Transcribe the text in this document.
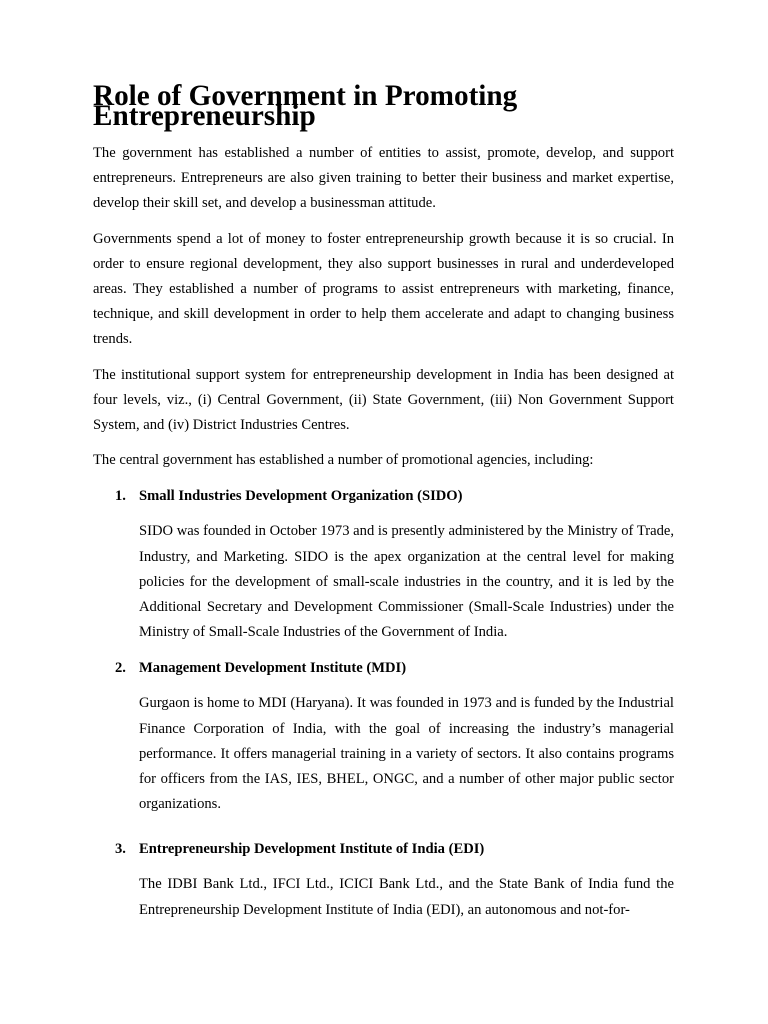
Role of Government in Promoting Entrepreneurship

The government has established a number of entities to assist, promote, develop, and support entrepreneurs. Entrepreneurs are also given training to better their business and market expertise, develop their skill set, and develop a businessman attitude.

Governments spend a lot of money to foster entrepreneurship growth because it is so crucial. In order to ensure regional development, they also support businesses in rural and underdeveloped areas. They established a number of programs to assist entrepreneurs with marketing, finance, technique, and skill development in order to help them accelerate and adapt to changing business trends.

The institutional support system for entrepreneurship development in India has been designed at four levels, viz., (i) Central Government, (ii) State Government, (iii) Non Government Support System, and (iv) District Industries Centres.

The central government has established a number of promotional agencies, including:

1. Small Industries Development Organization (SIDO)

SIDO was founded in October 1973 and is presently administered by the Ministry of Trade, Industry, and Marketing. SIDO is the apex organization at the central level for making policies for the development of small-scale industries in the country, and it is led by the Additional Secretary and Development Commissioner (Small-Scale Industries) under the Ministry of Small-Scale Industries of the Government of India.

2. Management Development Institute (MDI)

Gurgaon is home to MDI (Haryana). It was founded in 1973 and is funded by the Industrial Finance Corporation of India, with the goal of increasing the industry’s managerial performance. It offers managerial training in a variety of sectors. It also contains programs for officers from the IAS, IES, BHEL, ONGC, and a number of other major public sector organizations.

3. Entrepreneurship Development Institute of India (EDI)

The IDBI Bank Ltd., IFCI Ltd., ICICI Bank Ltd., and the State Bank of India fund the Entrepreneurship Development Institute of India (EDI), an autonomous and not-for-
